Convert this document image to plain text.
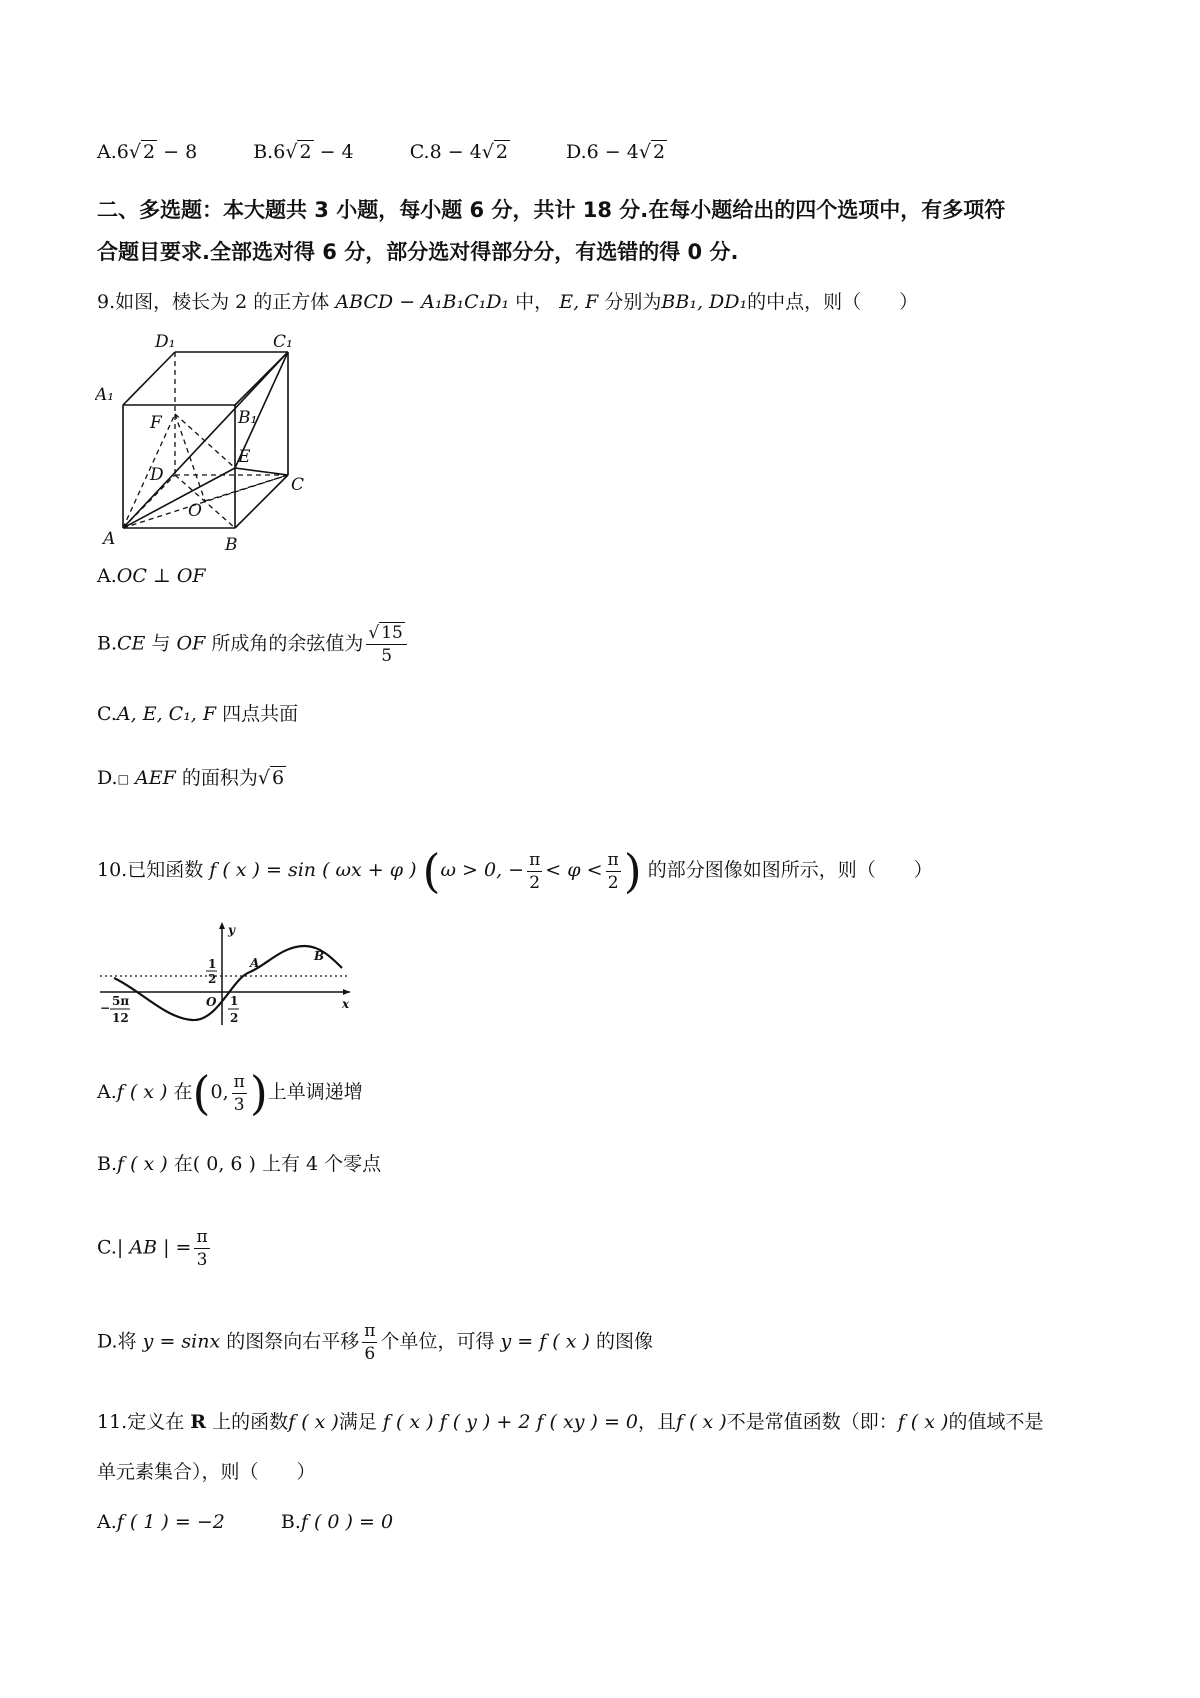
A.6√ 2 − 8	B.6√ 2 − 4	C.8 − 4√ 2	D.6 − 4√ 2
二、多选题：本大题共 3 小题，每小题 6 分，共计 18 分.在每小题给出的四个选项中，有多项符
合题目要求.全部选对得 6 分，部分选对得部分分，有选错的得 0 分.
9.如图，棱长为 2 的正方体 ABCD − A₁B₁C₁D₁ 中， E, F 分别为BB₁, DD₁的中点，则（　　）
D₁	C₁
A₁
B₁
F
E
D	C
O
A	B
A.OC ⊥ OF
B.CE 与 OF 所成角的余弦值为 $\frac{√ 15}{5}$
C.A, E, C₁, F 四点共面
D.□ AEF 的面积为√ 6
10.已知函数 f ( x ) = sin ( ωx + φ ) (ω > 0, − $\frac{\pi}{2} < \varphi < \frac{\pi}{2}$ ) 的部分图像如图所示，则（　　）
y
x
A	B
O
1
2
− 5π
12
1
2
A.f ( x ) 在(0, $\frac{\pi}{3}$ )上单调递增
B.f ( x ) 在( 0, 6 ) 上有 4 个零点
C.| AB | = $\frac{\pi}{3}$
D.将 y = sinx 的图祭向右平移 $\frac{\pi}{6}$ 个单位，可得 y = f ( x ) 的图像
11.定义在 R 上的函数f ( x )满足 f ( x ) f ( y ) + 2 f ( xy ) = 0，且f ( x )不是常值函数（即：f ( x )的值域不是
单元素集合），则（　　）
A.f ( 1 ) = −2	B.f ( 0 ) = 0
